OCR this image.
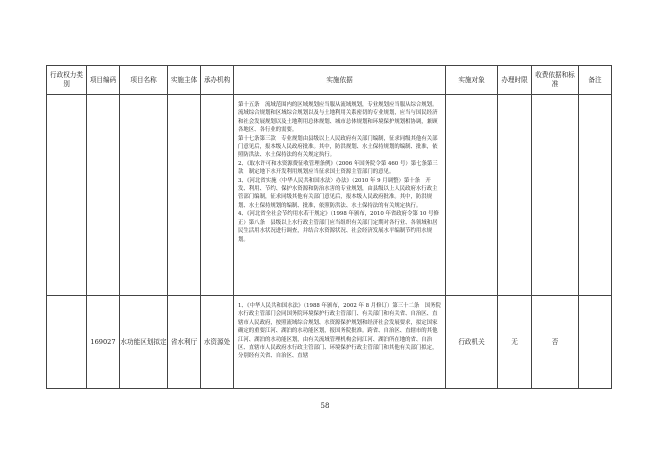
行政权力类别	项目编码	项目名称	实施主体	承办机构	实施依据	实施对象	办理时限	收费依据和标准	备注

					第十五条　流域范围内的区域规划应当服从流域规划，专业规划应当服从综合规划。流域综合规划和区域综合规划以及与土地利用关系密切的专业规划，应当与国民经济和社会发展规划以及土地利用总体规划、城市总体规划和环境保护规划相协调，兼顾各地区、各行业的需要。

第十七条第三款　专业规划由县级以上人民政府有关部门编制，征求同级其他有关部门意见后，报本级人民政府批准。其中，防洪规划、水土保持规划的编制、批准，依照防洪法、水土保持法的有关规定执行。

2、《取水许可和水资源费征收管理条例》（2006 年国务院令第 460 号）第七条第三款　制定地下水开发利用规划应当征求国土资源主管部门的意见。

3、《河北省实施〈中华人民共和国水法〉办法》（2010 年 9 月调整）第十条　开发、利用、节约、保护水资源和防治水害的专业规划，由县级以上人民政府水行政主管部门编制，征求同级其他有关部门意见后，报本级人民政府批准。其中，防洪规划、水土保持规划的编制、批准，依照防洪法、水土保持法的有关规定执行。

4、《河北省全社会节约用水若干规定》（1998 年颁布，2010 年省政府令第 10 号修正）第八条　县级以上水行政主管部门应当组织有关部门定期对各行业、各领域和居民生活用水状况进行调查，并结合水资源状况、社会经济发展水平编制节约用水规划。				

	169027	水功能区划拟定	省水利厅	水资源处	1、《中华人民共和国水法》（1988 年颁布，2002 年 8 月修订）第三十二条　国务院水行政主管部门会同国务院环境保护行政主管部门、有关部门和有关省、自治区、直辖市人民政府，按照流域综合规划、水资源保护规划和经济社会发展要求，拟定国家确定的重要江河、湖泊的水功能区划，报国务院批准。跨省、自治区、直辖市的其他江河、湖泊的水功能区划，由有关流域管理机构会同江河、湖泊所在地的省、自治区、直辖市人民政府水行政主管部门、环境保护行政主管部门和其他有关部门拟定，分别经有关省、自治区、直辖	行政机关	无	否	
58
